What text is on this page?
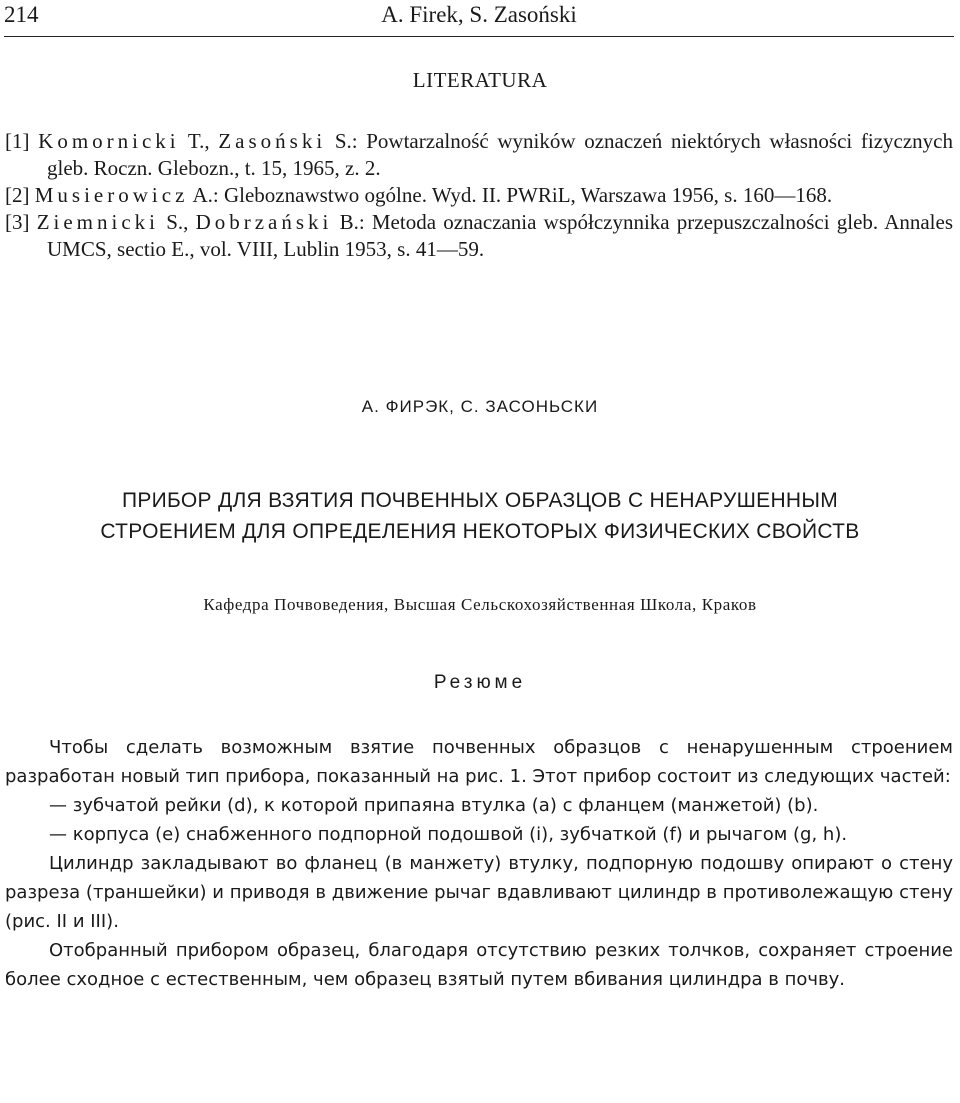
214	A. Firek, S. Zasoński
LITERATURA
[1] Komornicki T., Zasoński S.: Powtarzalność wyników oznaczeń niektórych własności fizycznych gleb. Roczn. Glebozn., t. 15, 1965, z. 2.
[2] Musierowicz A.: Gleboznawstwo ogólne. Wyd. II. PWRiL, Warszawa 1956, s. 160—168.
[3] Ziemnicki S., Dobrzański B.: Metoda oznaczania współczynnika przepuszczalności gleb. Annales UMCS, sectio E., vol. VIII, Lublin 1953, s. 41—59.
А. ФИРЭК, С. ЗАСОНЬСКИ
ПРИБОР ДЛЯ ВЗЯТИЯ ПОЧВЕННЫХ ОБРАЗЦОВ С НЕНАРУШЕННЫМ
СТРОЕНИЕМ ДЛЯ ОПРЕДЕЛЕНИЯ НЕКОТОРЫХ ФИЗИЧЕСКИХ СВОЙСТВ
Кафедра Почвоведения, Высшая Сельскохозяйственная Школа, Краков
Резюме

Чтобы сделать возможным взятие почвенных образцов с ненарушенным строением разработан новый тип прибора, показанный на рис. 1. Этот прибор состоит из следующих частей:

— зубчатой рейки (d), к которой припаяна втулка (a) с фланцем (манжетой) (b).

— корпуса (e) снабженного подпорной подошвой (i), зубчаткой (f) и рычагом (g, h).

Цилиндр закладывают во фланец (в манжету) втулку, подпорную подошву опирают о стену разреза (траншейки) и приводя в движение рычаг вдавливают цилиндр в противолежащую стену (рис. II и III).

Отобранный прибором образец, благодаря отсутствию резких толчков, сохраняет строение более сходное с естественным, чем образец взятый путем вбивания цилиндра в почву.
